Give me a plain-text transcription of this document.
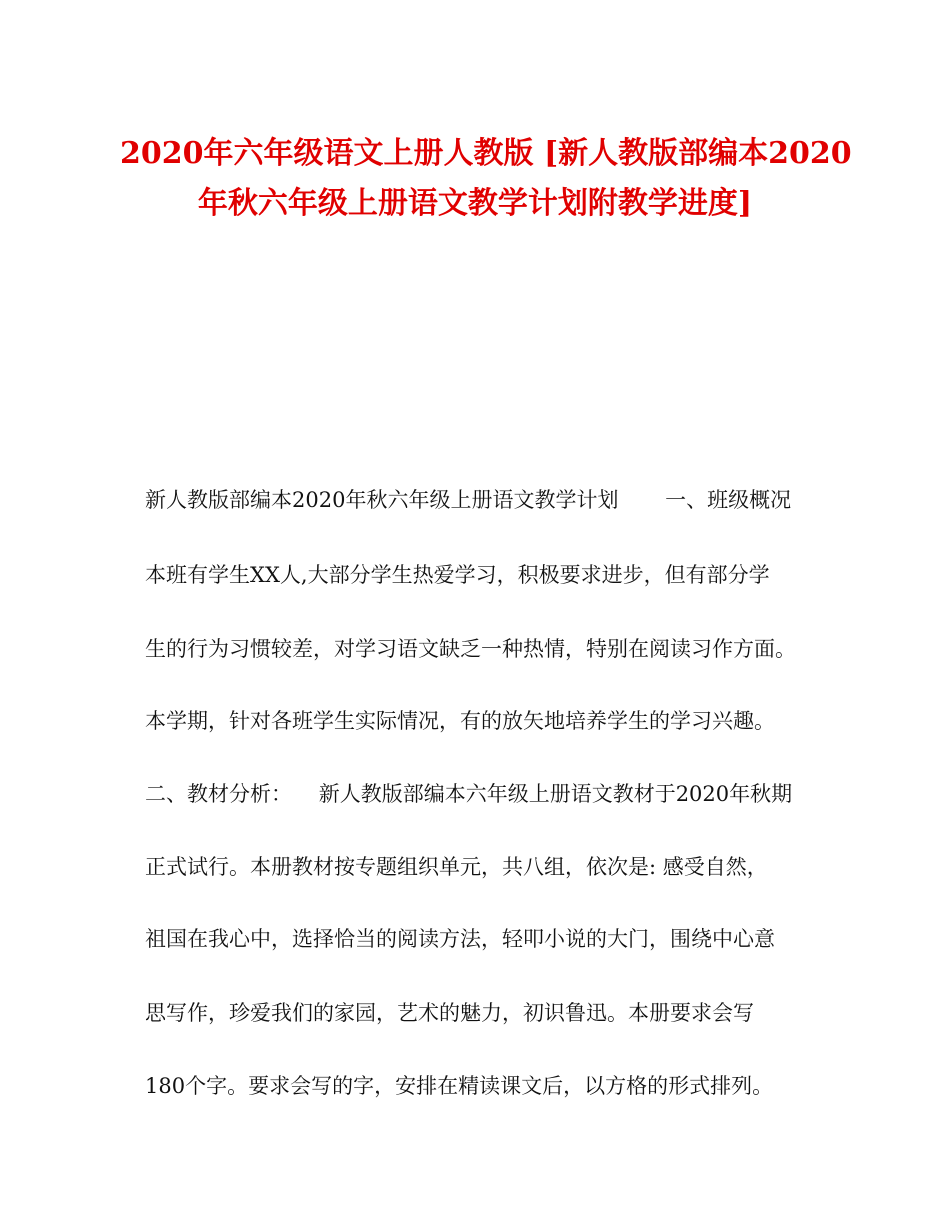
2020年六年级语文上册人教版 [新人教版部编本2020
年秋六年级上册语文教学计划附教学进度]

新人教版部编本2020年秋六年级上册语文教学计划       一、班级概况

本班有学生XX人,大部分学生热爱学习，积极要求进步，但有部分学

生的行为习惯较差，对学习语文缺乏一种热情，特别在阅读习作方面。

本学期，针对各班学生实际情况，有的放矢地培养学生的学习兴趣。

二、教材分析：    新人教版部编本六年级上册语文教材于2020年秋期

正式试行。本册教材按专题组织单元，共八组，依次是: 感受自然，

祖国在我心中，选择恰当的阅读方法，轻叩小说的大门，围绕中心意

思写作，珍爱我们的家园，艺术的魅力，初识鲁迅。本册要求会写

180个字。要求会写的字，安排在精读课文后，以方格的形式排列。
